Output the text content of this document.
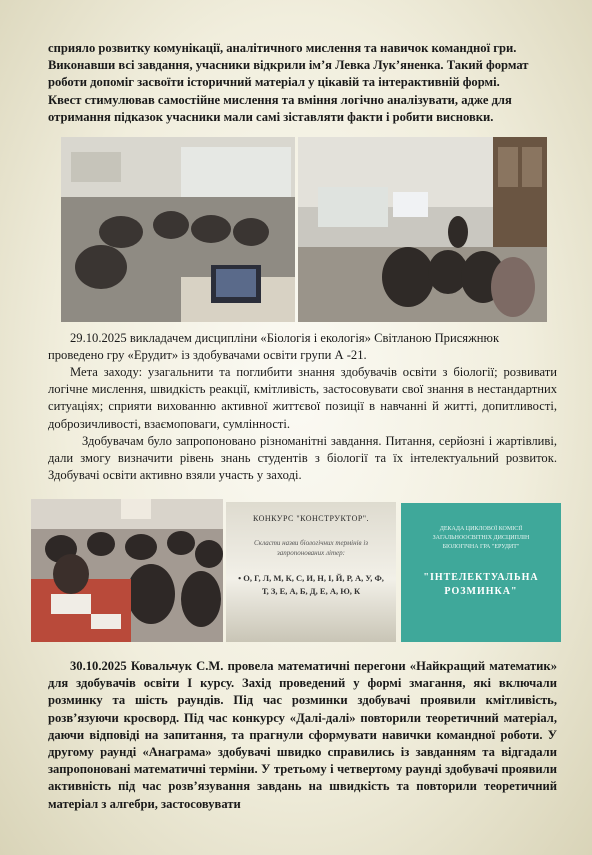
сприяло розвитку комунікації, аналітичного мислення та навичок командної гри.
Виконавши всі завдання, учасники відкрили ім’я Левка Лук’яненка. Такий формат
роботи допоміг засвоїти історичний матеріал у цікавій та інтерактивній формі.
Квест стимулював самостійне мислення та вміння логічно аналізувати, адже для
отримання підказок учасники мали самі зіставляти факти і робити висновки.
29.10.2025 викладачем дисципліни «Біологія і екологія» Світланою Присяжнюк
проведено гру «Ерудит» із здобувачами освіти групи А -21.
Мета заходу: узагальнити та поглибити знання здобувачів освіти з біології; розвивати логічне мислення, швидкість реакції, кмітливість, застосовувати свої знання в нестандартних ситуаціях; сприяти вихованню активної життєвої позиції в навчанні й житті, допитливості, доброзичливості, взаємоповаги, сумлінності.
Здобувачам було запропоновано різноманітні завдання. Питання, серйозні і жартівливі, дали змогу визначити рівень знань студентів з біології та їх інтелектуальний розвиток. Здобувачі освіти активно взяли участь у заході.
КОНКУРС "КОНСТРУКТОР".
Скласти назви біологічних термінів із
запропонованих літер:
• О, Г, Л, М, К, С, И, Н, І, Й, Р, А, У, Ф,
Т, З, Е, А, Б, Д, Е, А, Ю, К
ДЕКАДА ЦИКЛОВОЇ КОМІСІЇ
ЗАГАЛЬНООСВІТНІХ ДИСЦИПЛІН
БІОЛОГІЧНА ГРА "ЕРУДИТ"
"ІНТЕЛЕКТУАЛЬНА
РОЗМИНКА"
30.10.2025 Ковальчук С.М. провела математичні перегони «Найкращий математик» для здобувачів освіти І курсу. Захід проведений у формі змагання, які включали розминку та шість раундів. Під час розминки здобувачі проявили кмітливість, розв’язуючи кросворд. Під час конкурсу «Далі-далі» повторили теоретичний матеріал, даючи відповіді на запитання, та прагнули сформувати навички командної роботи. У другому раунді «Анаграма» здобувачі швидко справились із завданням та відгадали запропоновані математичні терміни. У третьому і четвертому раунді здобувачі проявили активність під час розв’язування завдань на швидкість та повторили теоретичний матеріал з алгебри, застосовувати
